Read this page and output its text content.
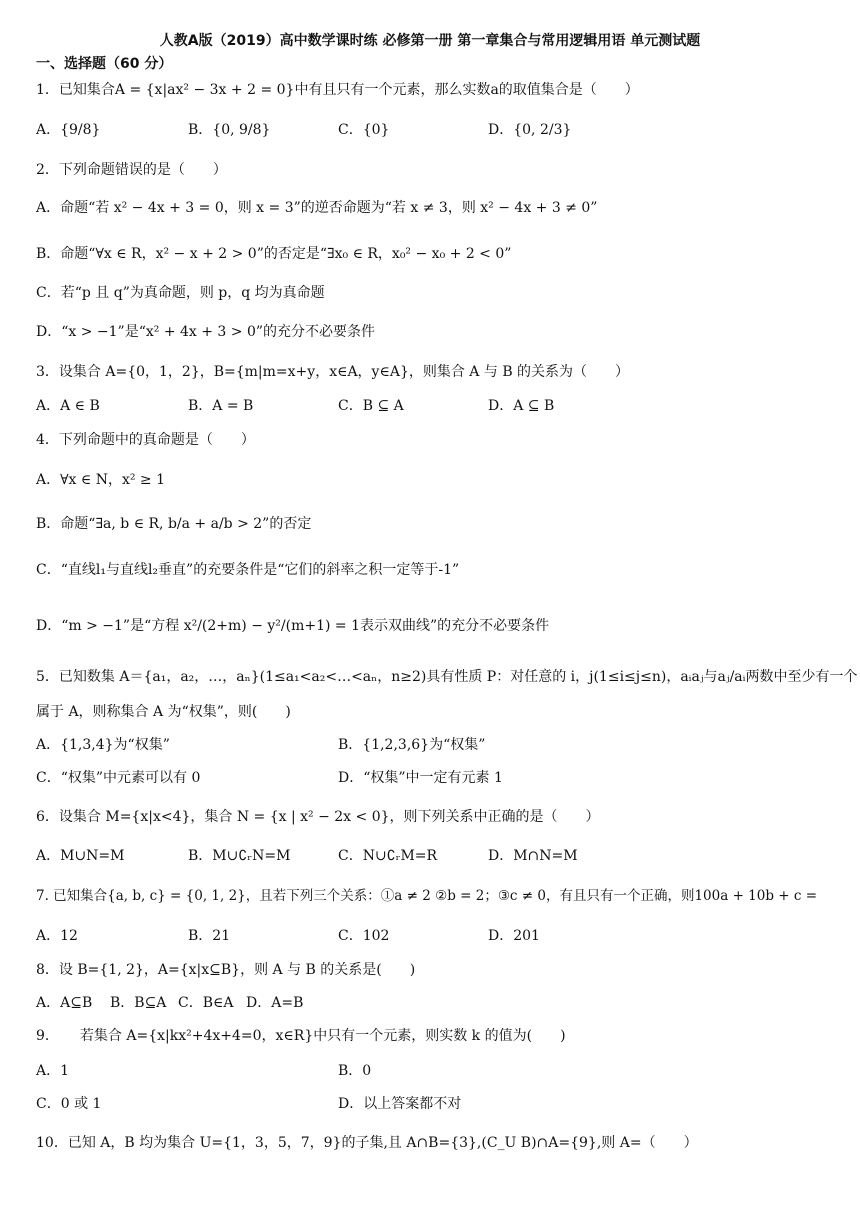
人教A版（2019）高中数学课时练 必修第一册 第一章集合与常用逻辑用语 单元测试题
一、选择题（60 分）
1．已知集合A = {x|ax² − 3x + 2 = 0}中有且只有一个元素，那么实数a的取值集合是（　　）
A．{9/8}	B．{0, 9/8}	C．{0}	D．{0, 2/3}
2．下列命题错误的是（　　）
A．命题“若 x² − 4x + 3 = 0，则 x = 3”的逆否命题为“若 x ≠ 3，则 x² − 4x + 3 ≠ 0”
B．命题“∀x ∈ R，x² − x + 2 > 0”的否定是“∃x₀ ∈ R，x₀² − x₀ + 2 < 0”
C．若“p 且 q”为真命题，则 p，q 均为真命题
D．“x > −1”是“x² + 4x + 3 > 0”的充分不必要条件
3．设集合 A={0，1，2}，B={m|m=x+y，x∈A，y∈A}，则集合 A 与 B 的关系为（　　）
A．A ∈ B	B．A = B	C．B ⊆ A	D．A ⊆ B
4．下列命题中的真命题是（　　）
A．∀x ∈ N，x² ≥ 1
B．命题“∃a, b ∈ R, b/a + a/b > 2”的否定
C．“直线l₁与直线l₂垂直”的充要条件是“它们的斜率之积一定等于-1”
D．“m > −1”是“方程 x²/(2+m) − y²/(m+1) = 1表示双曲线”的充分不必要条件
5．已知数集 A＝{a₁，a₂，…，aₙ}(1≤a₁<a₂<…<aₙ，n≥2)具有性质 P：对任意的 i，j(1≤i≤j≤n)，aᵢaⱼ与aⱼ/aᵢ两数中至少有一个
属于 A，则称集合 A 为“权集”，则(　　)
A．{1,3,4}为“权集”	B．{1,2,3,6}为“权集”
C．“权集”中元素可以有 0	D．“权集”中一定有元素 1
6．设集合 M={x|x<4}，集合 N = {x | x² − 2x < 0}，则下列关系中正确的是（　　）
A．M∪N=M	B．M∪∁ᵣN=M	C．N∪∁ᵣM=R	D．M∩N=M
7. 已知集合{a, b, c} = {0, 1, 2}，且若下列三个关系：①a ≠ 2 ②b = 2；③c ≠ 0，有且只有一个正确，则100a + 10b + c =
A．12	B．21	C．102	D．201
8．设 B={1, 2}，A={x|x⊆B}，则 A 与 B 的关系是(　　)
A．A⊆B B．B⊆A C．B∈A D．A=B
9．　　若集合 A={x|kx²+4x+4=0，x∈R}中只有一个元素，则实数 k 的值为(　　)
A．1	B．0
C．0 或 1	D．以上答案都不对
10．已知 A，B 均为集合 U={1，3，5，7，9}的子集,且 A∩B={3},(C_U B)∩A={9},则 A=（　　）
